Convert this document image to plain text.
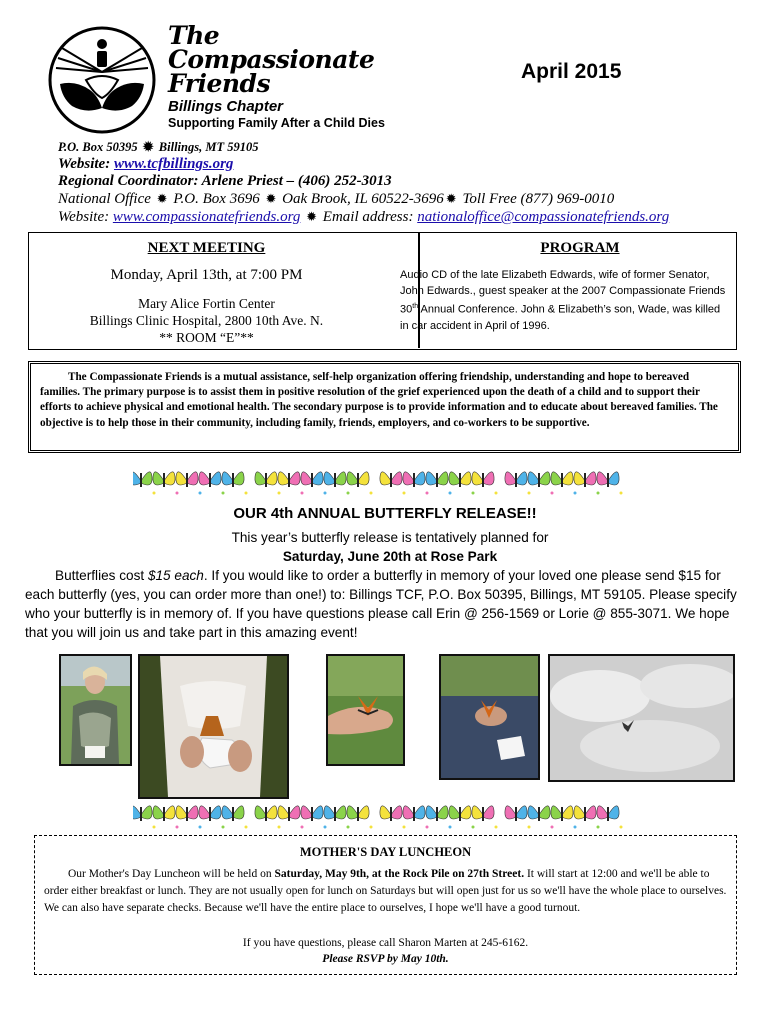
The
Compassionate
Friends
Billings Chapter
Supporting Family After a Child Dies
April 2015
P.O. Box 50395 ✹ Billings, MT 59105
Website: www.tcfbillings.org
Regional Coordinator: Arlene Priest – (406) 252-3013
National Office ✹ P.O. Box 3696 ✹ Oak Brook, IL 60522-3696 ✹ Toll Free (877) 969-0010
Website: www.compassionatefriends.org ✹ Email address: nationaloffice@compassionatefriends.org
NEXT MEETING
Monday, April 13th, at 7:00 PM
Mary Alice Fortin Center
Billings Clinic Hospital, 2800 10th Ave. N.
** ROOM “E”**
PROGRAM
Audio CD of the late Elizabeth Edwards, wife of former Senator, John Edwards., guest speaker at the 2007 Compassionate Friends 30th Annual Conference. John & Elizabeth’s son, Wade, was killed in car accident in April of 1996.
The Compassionate Friends is a mutual assistance, self-help organization offering friendship, understanding and hope to bereaved families. The primary purpose is to assist them in positive resolution of the grief experienced upon the death of a child and to support their efforts to achieve physical and emotional health. The secondary purpose is to provide information and to educate about bereaved families. The objective is to help those in their community, including family, friends, employers, and co-workers to be supportive.
OUR 4th ANNUAL BUTTERFLY RELEASE!!
This year’s butterfly release is tentatively planned for
Saturday, June 20th at Rose Park
Butterflies cost $15 each. If you would like to order a butterfly in memory of your loved one please send $15 for each butterfly (yes, you can order more than one!) to: Billings TCF, P.O. Box 50395, Billings, MT 59105. Please specify who your butterfly is in memory of. If you have questions please call Erin @ 256-1569 or Lorie @ 855-3071. We hope that you will join us and take part in this amazing event!
MOTHER'S DAY LUNCHEON
Our Mother's Day Luncheon will be held on Saturday, May 9th, at the Rock Pile on 27th Street. It will start at 12:00 and we'll be able to order either breakfast or lunch. They are not usually open for lunch on Saturdays but will open just for us so we'll have the whole place to ourselves. We can also have separate checks. Because we'll have the entire place to ourselves, I hope we'll have a good turnout.
If you have questions, please call Sharon Marten at 245-6162.
Please RSVP by May 10th.
